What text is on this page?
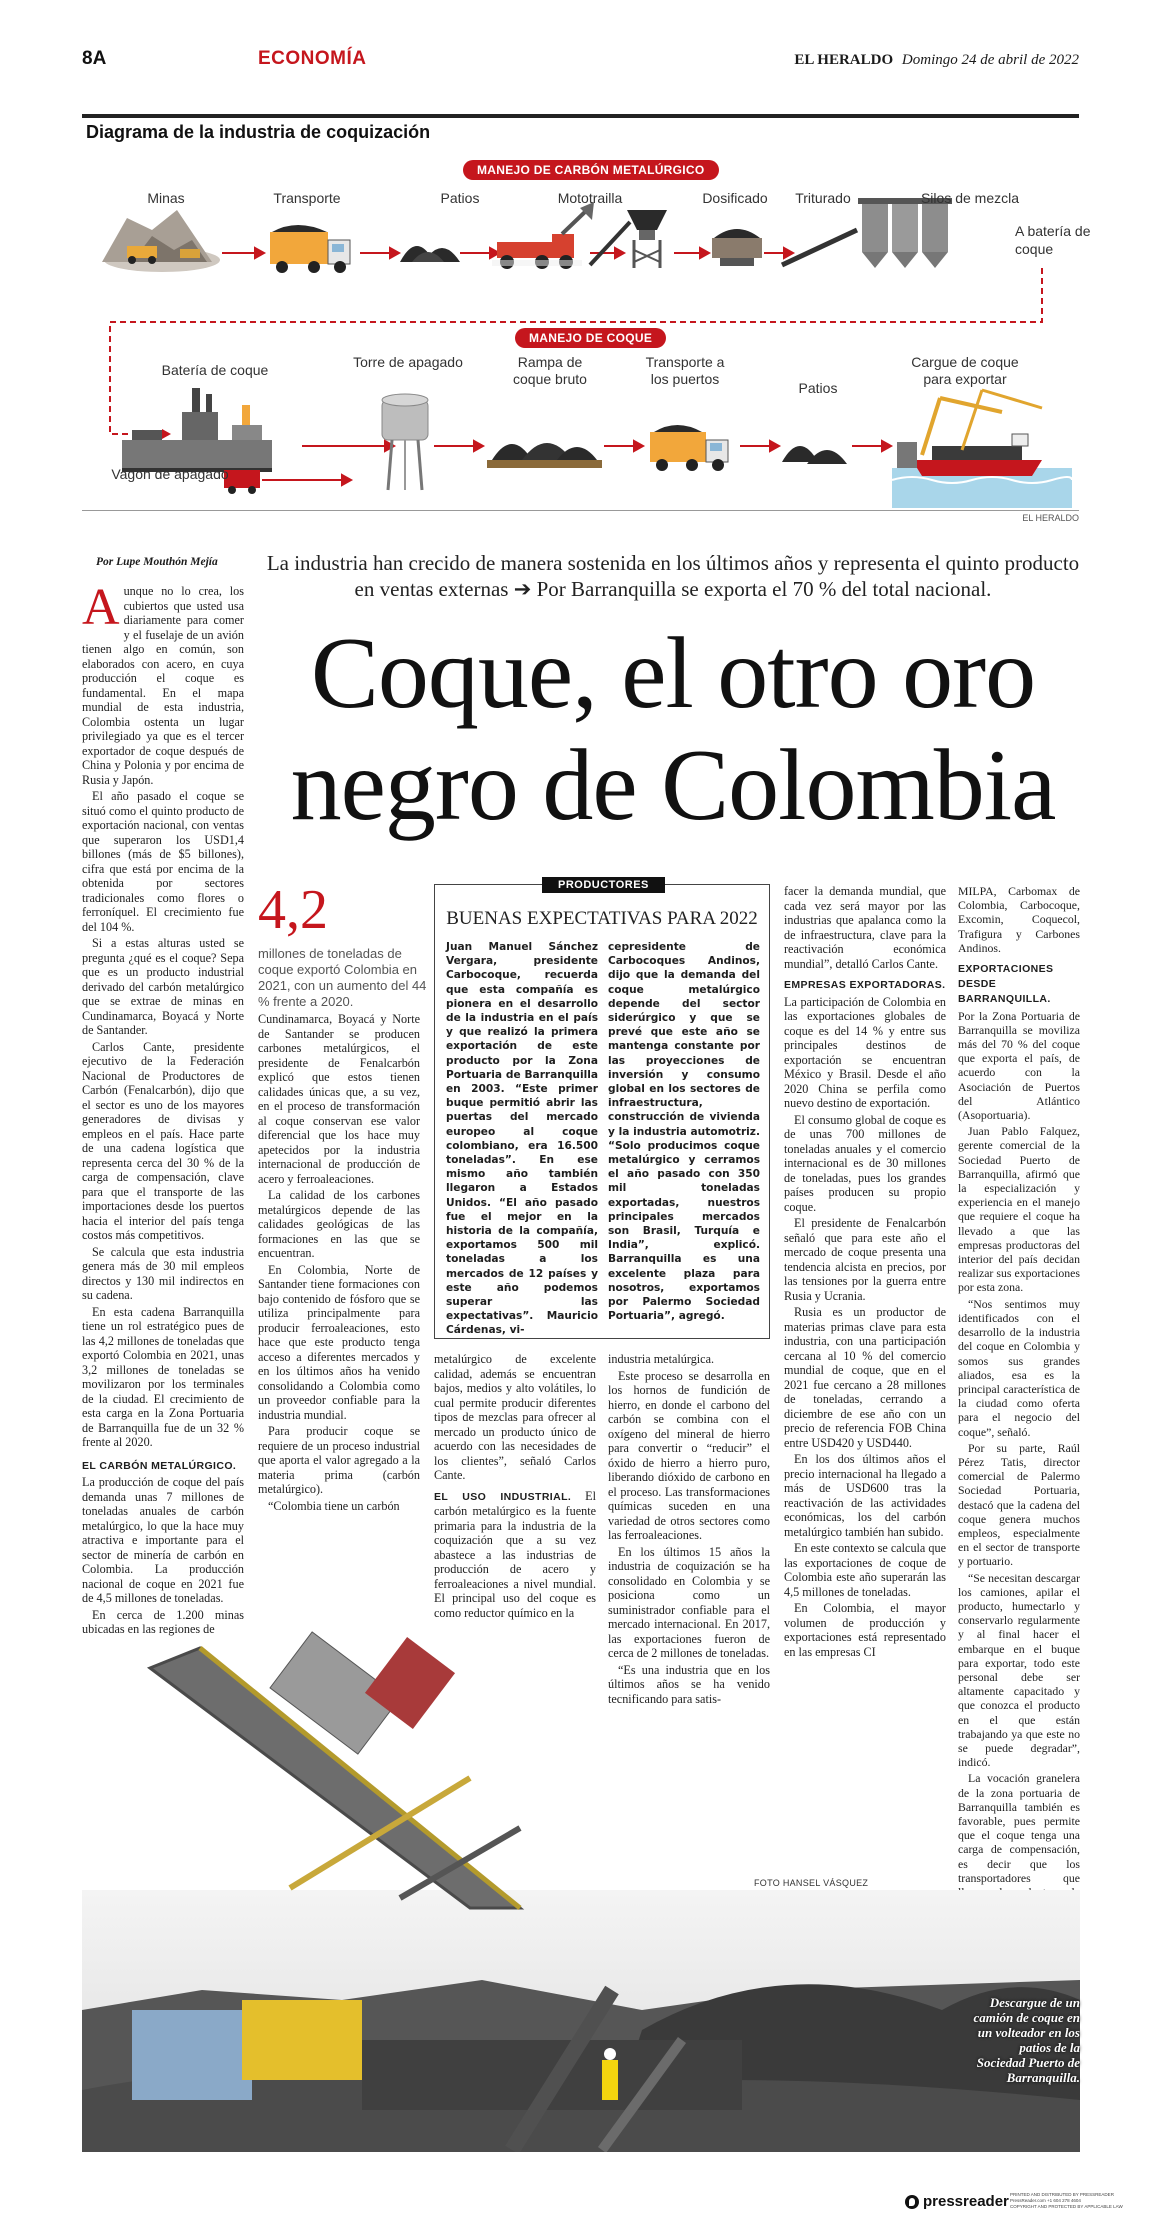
8A	ECONOMÍA	EL HERALDO Domingo 24 de abril de 2022
Diagrama de la industria de coquización
MANEJO DE CARBÓN METALÚRGICO
MANEJO DE COQUE
Minas	Transporte	Patios	Mototrailla	Dosificado	Triturado	Silos de mezcla
A batería de coque
Batería de coque	Torre de apagado	Rampa de coque bruto
Transporte a los puertos
Patios
Cargue de coque para exportar
Vagón de apagado
EL HERALDO
Por Lupe Mouthón Mejía	La industria han crecido de manera sostenida en los últimos años y representa el quinto producto en ventas externas ➔ Por Barranquilla se exporta el 70 % del total nacional.
Coque, el otro oro
negro de Colombia

Aunque no lo crea, los cubiertos que usted usa diariamente para comer y el fuselaje de un avión tienen algo en común, son elaborados con acero, en cuya producción el coque es fundamental. En el mapa mundial de esta industria, Colombia ostenta un lugar privilegiado ya que es el tercer exportador de coque después de China y Polonia y por encima de Rusia y Japón.

El año pasado el coque se situó como el quinto producto de exportación nacional, con ventas que superaron los USD1,4 billones (más de $5 billones), cifra que está por encima de la obtenida por sectores tradicionales como flores o ferroníquel. El crecimiento fue del 104 %.

Si a estas alturas usted se pregunta ¿qué es el coque? Sepa que es un producto industrial derivado del carbón metalúrgico que se extrae de minas en Cundinamarca, Boyacá y Norte de Santander.

Carlos Cante, presidente ejecutivo de la Federación Nacional de Productores de Carbón (Fenalcarbón), dijo que el sector es uno de los mayores generadores de divisas y empleos en el país. Hace parte de una cadena logística que representa cerca del 30 % de la carga de compensación, clave para que el transporte de las importaciones desde los puertos hacia el interior del país tenga costos más competitivos.

Se calcula que esta industria genera más de 30 mil empleos directos y 130 mil indirectos en su cadena.

En esta cadena Barranquilla tiene un rol estratégico pues de las 4,2 millones de toneladas que exportó Colombia en 2021, unas 3,2 millones de toneladas se movilizaron por los terminales de la ciudad. El crecimiento de esta carga en la Zona Portuaria de Barranquilla fue de un 32 % frente al 2020.

EL CARBÓN METALÚRGICO.

La producción de coque del país demanda unas 7 millones de toneladas anuales de carbón metalúrgico, lo que la hace muy atractiva e importante para el sector de minería de carbón en Colombia. La producción nacional de coque en 2021 fue de 4,5 millones de toneladas.

En cerca de 1.200 minas ubicadas en las regiones de

4,2
millones de toneladas de coque exportó Colombia en 2021, con un aumento del 44 % frente a 2020.

Cundinamarca, Boyacá y Norte de Santander se producen carbones metalúrgicos, el presidente de Fenalcarbón explicó que estos tienen calidades únicas que, a su vez, en el proceso de transformación al coque conservan ese valor diferencial que los hace muy apetecidos por la industria internacional de producción de acero y ferroaleaciones.

La calidad de los carbones metalúrgicos depende de las calidades geológicas de las formaciones en las que se encuentran.

En Colombia, Norte de Santander tiene formaciones con bajo contenido de fósforo que se utiliza principalmente para producir ferroaleaciones, esto hace que este producto tenga acceso a diferentes mercados y en los últimos años ha venido consolidando a Colombia como un proveedor confiable para la industria mundial.

Para producir coque se requiere de un proceso industrial que aporta el valor agregado a la materia prima (carbón metalúrgico).

“Colombia tiene un carbón

PRODUCTORES
BUENAS EXPECTATIVAS PARA 2022

Juan Manuel Sánchez Vergara, presidente Carbocoque, recuerda que esta compañía es pionera en el desarrollo de la industria en el país y que realizó la primera exportación de este producto por la Zona Portuaria de Barranquilla en 2003. “Este primer buque permitió abrir las puertas del mercado europeo al coque colombiano, era 16.500 toneladas”. En ese mismo año también llegaron a Estados Unidos. “El año pasado fue el mejor en la historia de la compañía, exportamos 500 mil toneladas a los mercados de 12 países y este año podemos superar las expectativas”. Mauricio Cárdenas, vi-

cepresidente de Carbocoques Andinos, dijo que la demanda del coque metalúrgico depende del sector siderúrgico y que se prevé que este año se mantenga constante por las proyecciones de inversión y consumo global en los sectores de infraestructura, construcción de vivienda y la industria automotriz. “Solo producimos coque metalúrgico y cerramos el año pasado con 350 mil toneladas exportadas, nuestros principales mercados son Brasil, Turquía e India”, explicó. Barranquilla es una excelente plaza para nosotros, exportamos por Palermo Sociedad Portuaria”, agregó.

metalúrgico de excelente calidad, además se encuentran bajos, medios y alto volátiles, lo cual permite producir diferentes tipos de mezclas para ofrecer al mercado un producto único de acuerdo con las necesidades de los clientes”, señaló Carlos Cante.

EL USO INDUSTRIAL. El carbón metalúrgico es la fuente primaria para la industria de la coquización que a su vez abastece a las industrias de producción de acero y ferroaleaciones a nivel mundial. El principal uso del coque es como reductor químico en la

industria metalúrgica.

Este proceso se desarrolla en los hornos de fundición de hierro, en donde el carbono del carbón se combina con el oxígeno del mineral de hierro para convertir o “reducir” el óxido de hierro a hierro puro, liberando dióxido de carbono en el proceso. Las transformaciones químicas suceden en una variedad de otros sectores como las ferroaleaciones.

En los últimos 15 años la industria de coquización se ha consolidado en Colombia y se posiciona como un suministrador confiable para el mercado internacional. En 2017, las exportaciones fueron de cerca de 2 millones de toneladas.

“Es una industria que en los últimos años se ha venido tecnificando para satis-

facer la demanda mundial, que cada vez será mayor por las industrias que apalanca como la de infraestructura, clave para la reactivación económica mundial”, detalló Carlos Cante.

EMPRESAS EXPORTADORAS.

La participación de Colombia en las exportaciones globales de coque es del 14 % y entre sus principales destinos de exportación se encuentran México y Brasil. Desde el año 2020 China se perfila como nuevo destino de exportación.

El consumo global de coque es de unas 700 millones de toneladas anuales y el comercio internacional es de 30 millones de toneladas, pues los grandes países producen su propio coque.

El presidente de Fenalcarbón señaló que para este año el mercado de coque presenta una tendencia alcista en precios, por las tensiones por la guerra entre Rusia y Ucrania.

Rusia es un productor de materias primas clave para esta industria, con una participación cercana al 10 % del comercio mundial de coque, que en el 2021 fue cercano a 28 millones de toneladas, cerrando a diciembre de ese año con un precio de referencia FOB China entre USD420 y USD440.

En los dos últimos años el precio internacional ha llegado a más de USD600 tras la reactivación de las actividades económicas, los del carbón metalúrgico también han subido.

En este contexto se calcula que las exportaciones de coque de Colombia este año superarán las 4,5 millones de toneladas.

En Colombia, el mayor volumen de producción y exportaciones está representado en las empresas CI

MILPA, Carbomax de Colombia, Carbocoque, Excomin, Coquecol, Trafigura y Carbones Andinos.

EXPORTACIONES DESDE BARRANQUILLA.

Por la Zona Portuaria de Barranquilla se moviliza más del 70 % del coque que exporta el país, de acuerdo con la Asociación de Puertos del Atlántico (Asoportuaria).

Juan Pablo Falquez, gerente comercial de la Sociedad Puerto de Barranquilla, afirmó que la especialización y experiencia en el manejo que requiere el coque ha llevado a que las empresas productoras del interior del país decidan realizar sus exportaciones por esta zona.

“Nos sentimos muy identificados con el desarrollo de la industria del coque en Colombia y somos sus grandes aliados, esa es la principal característica de la ciudad como oferta para el negocio del coque”, señaló.

Por su parte, Raúl Pérez Tatis, director comercial de Palermo Sociedad Portuaria, destacó que la cadena del coque genera muchos empleos, especialmente en el sector de transporte y portuario.

“Se necesitan descargar los camiones, apilar el producto, humectarlo y conservarlo regularmente y al final hacer el embarque en el buque para exportar, todo este personal debe ser altamente capacitado y que conozca el producto en el que están trabajando ya que este no se puede degradar”, indicó.

La vocación granelera de la zona portuaria de Barranquilla también es favorable, pues permite que el coque tenga una carga de compensación, es decir que los transportadores que

FOTO HANSEL VÁSQUEZ
Descargue de un camión de coque en un volteador en los patios de la Sociedad Puerto de Barranquilla.
pressreader PRINTED AND DISTRIBUTED BY PRESSREADER
PressReader.com +1 604 278 4604
COPYRIGHT AND PROTECTED BY APPLICABLE LAW
